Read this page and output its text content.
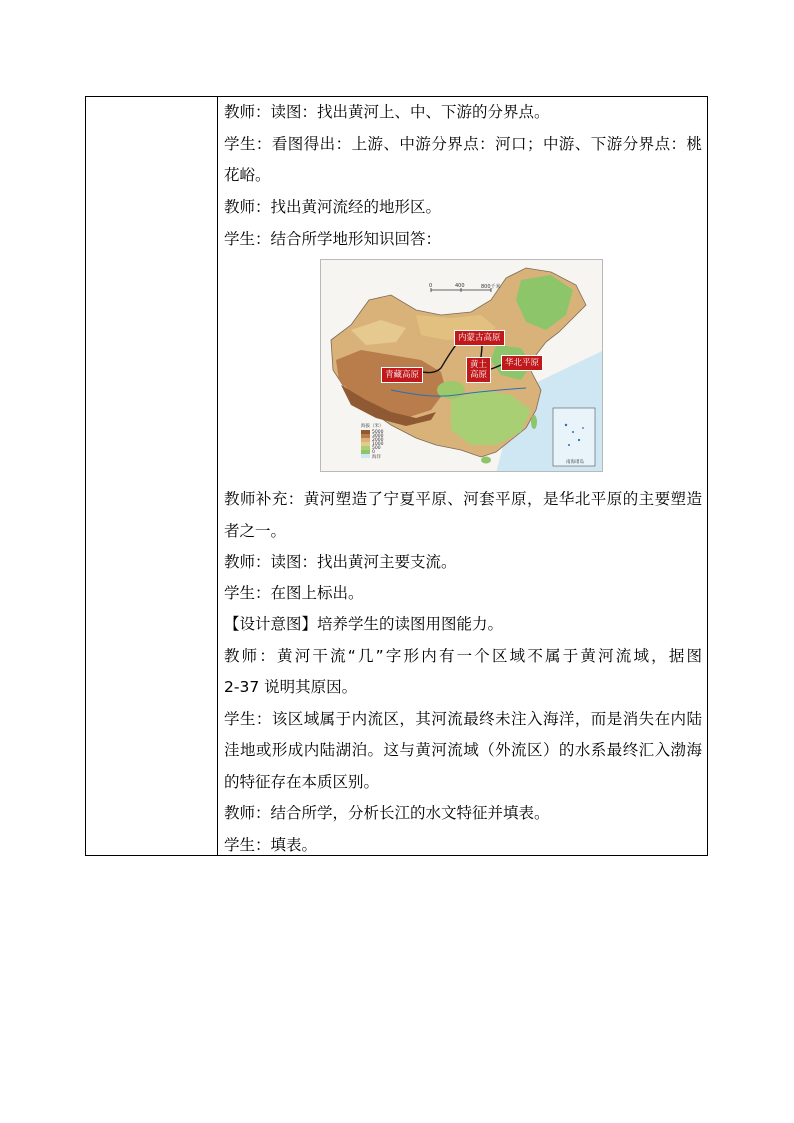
教师：读图：找出黄河上、中、下游的分界点。
学生：看图得出：上游、中游分界点：河口；中游、下游分界点：桃
花峪。
教师：找出黄河流经的地形区。
学生：结合所学地形知识回答：
教师补充：黄河塑造了宁夏平原、河套平原，是华北平原的主要塑造
者之一。
教师：读图：找出黄河主要支流。
学生：在图上标出。
【设计意图】培养学生的读图用图能力。
教师：黄河干流“几”字形内有一个区域不属于黄河流域，据图
2-37 说明其原因。
学生：该区域属于内流区，其河流最终未注入海洋，而是消失在内陆
洼地或形成内陆湖泊。这与黄河流域（外流区）的水系最终汇入渤海
的特征存在本质区别。
教师：结合所学，分析长江的水文特征并填表。
学生：填表。
内蒙古高原
黄土
高原
青藏高原
华北平原
0	400	800千米
海拔（米）
5000
3000
2000
1000
500
0
海洋
南海诸岛
